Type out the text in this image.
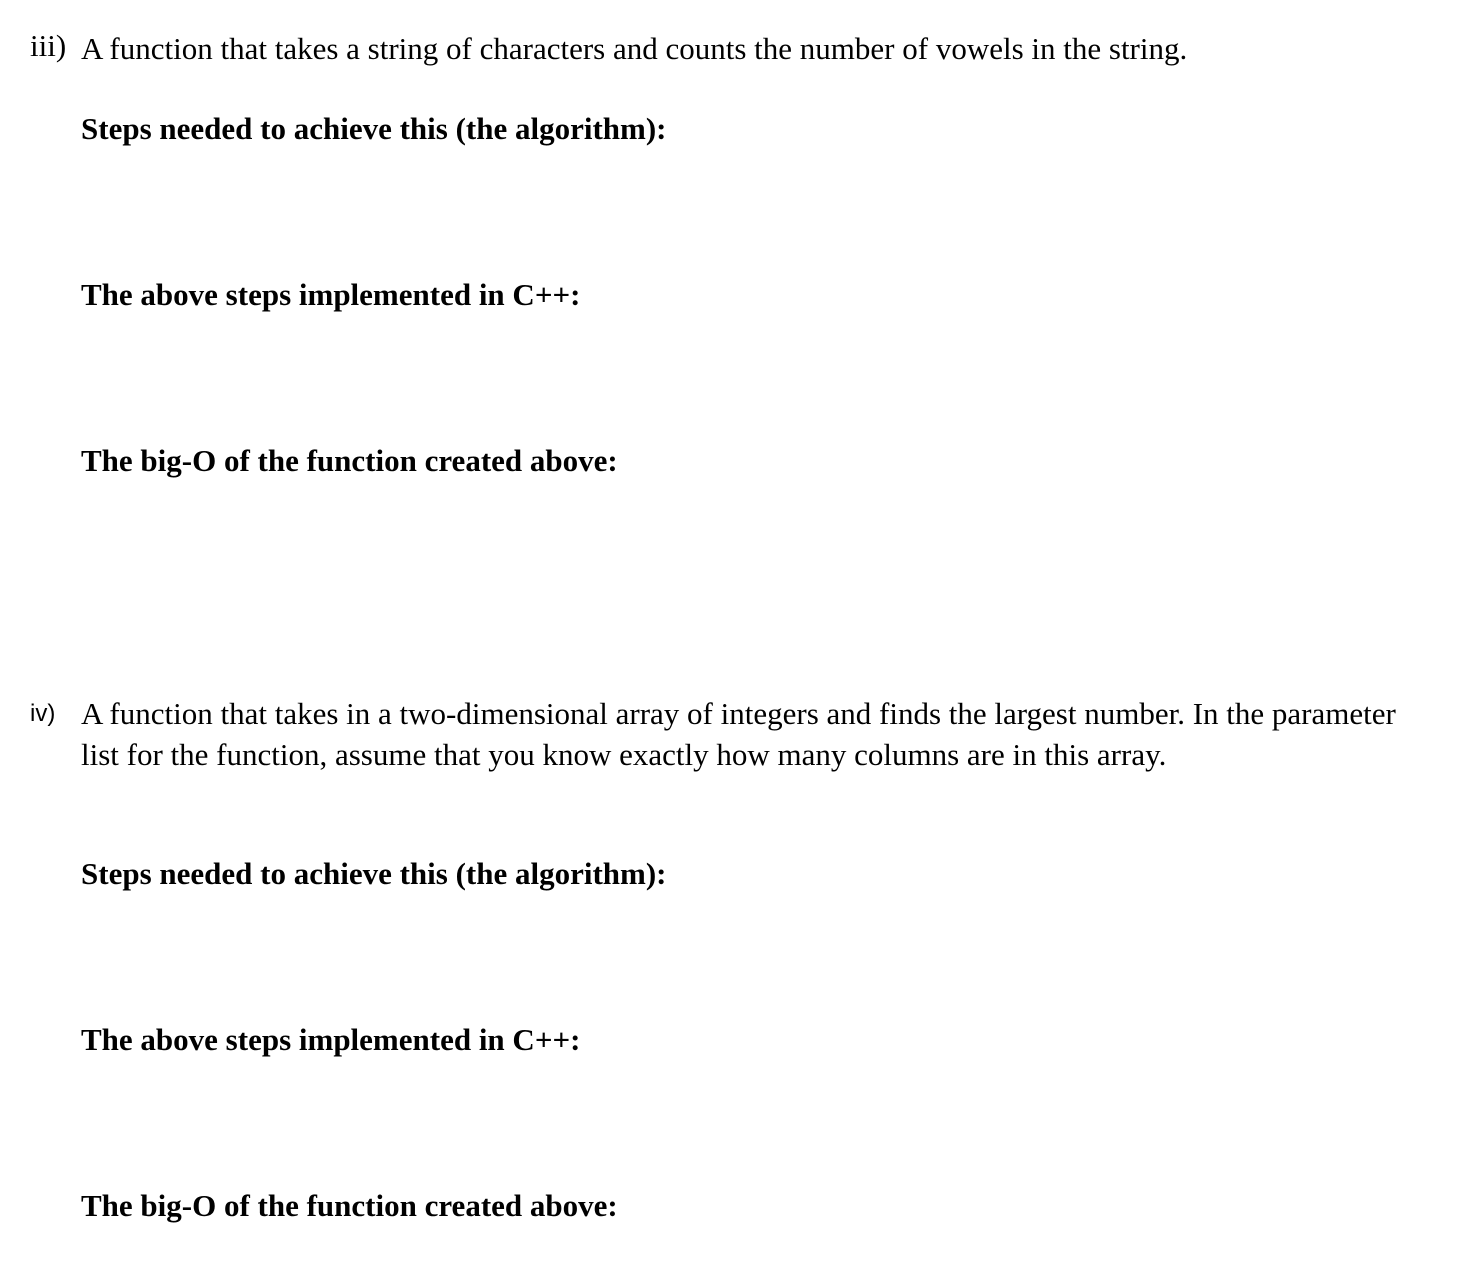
iii) A function that takes a string of characters and counts the number of vowels in the string.
Steps needed to achieve this (the algorithm):
The above steps implemented in C++:
The big-O of the function created above:
iv) A function that takes in a two-dimensional array of integers and finds the largest number. In the parameter list for the function, assume that you know exactly how many columns are in this array.
Steps needed to achieve this (the algorithm):
The above steps implemented in C++:
The big-O of the function created above:
